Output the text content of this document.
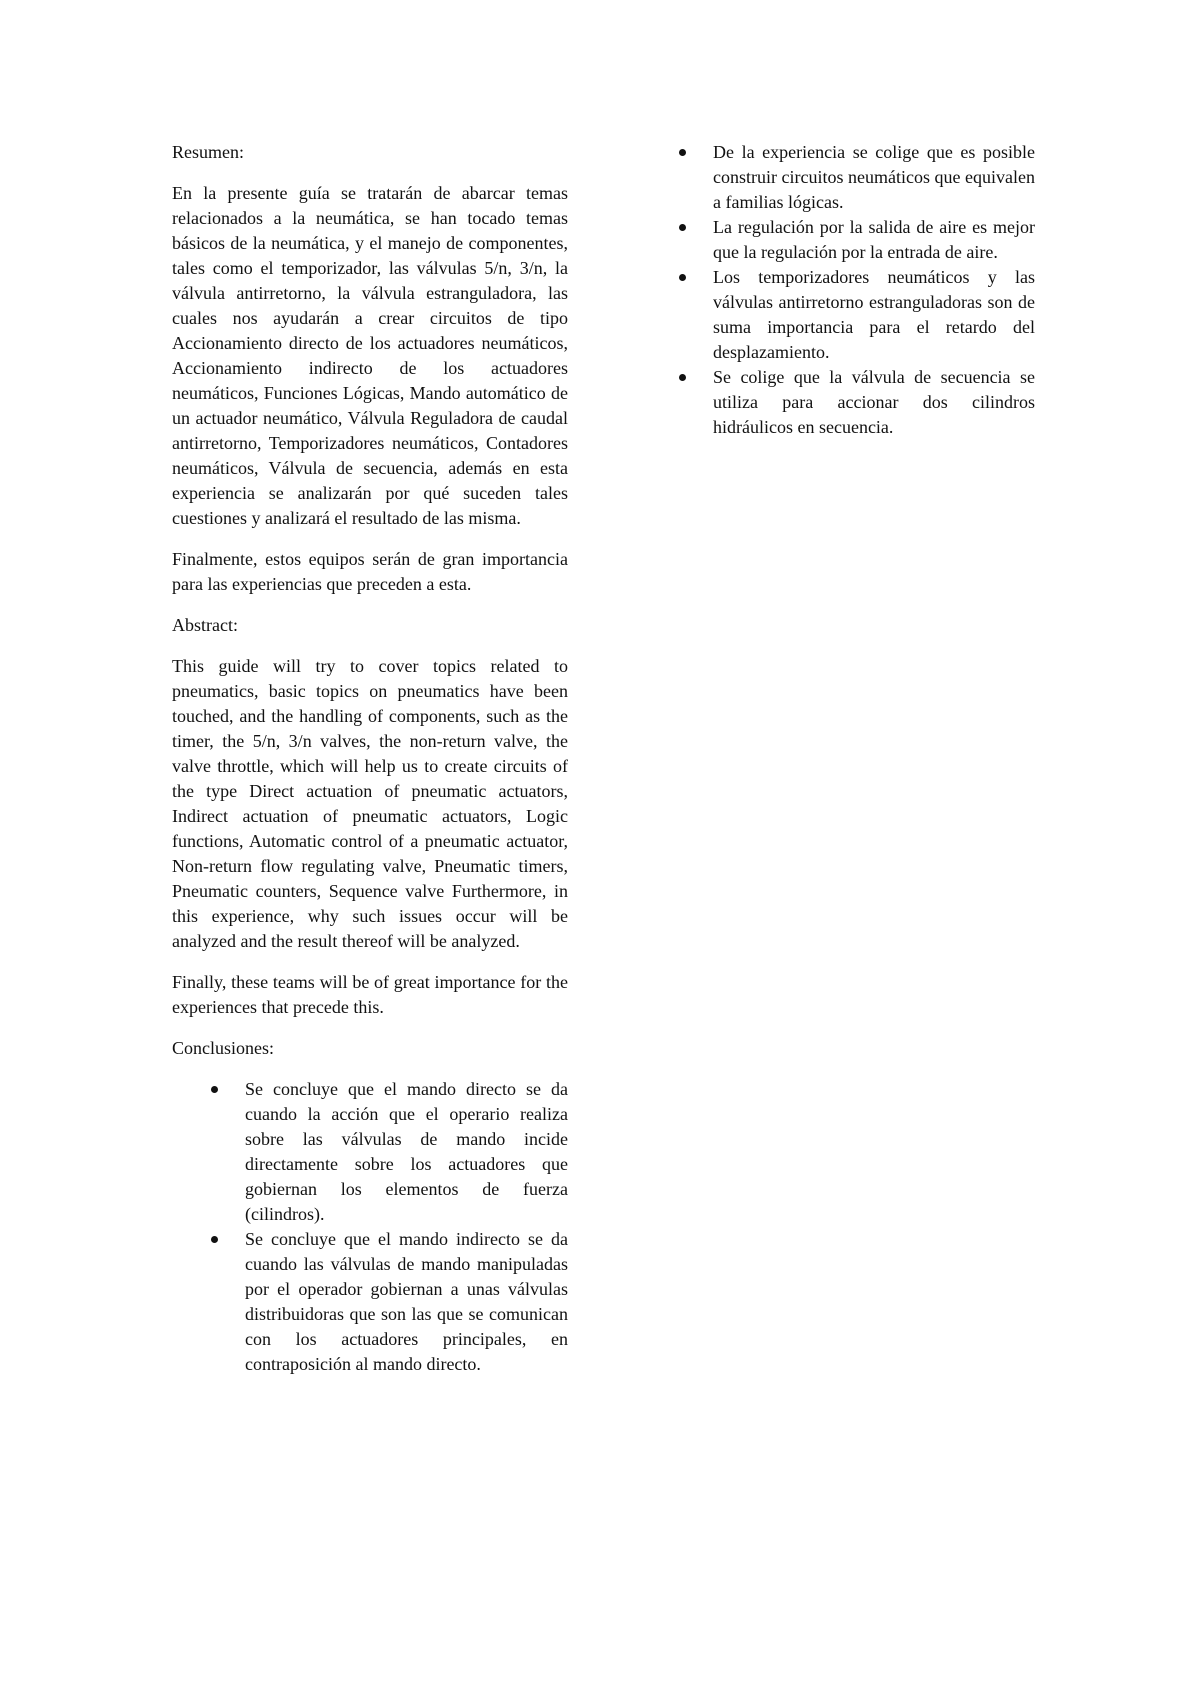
Resumen:

En la presente guía se tratarán de abarcar temas relacionados a la neumática, se han tocado temas básicos de la neumática, y el manejo de componentes, tales como el temporizador, las válvulas 5/n, 3/n, la válvula antirretorno, la válvula estranguladora, las cuales nos ayudarán a crear circuitos de tipo Accionamiento directo de los actuadores neumáticos, Accionamiento indirecto de los actuadores neumáticos, Funciones Lógicas, Mando automático de un actuador neumático, Válvula Reguladora de caudal antirretorno, Temporizadores neumáticos, Contadores neumáticos, Válvula de secuencia, además en esta experiencia se analizarán por qué suceden tales cuestiones y analizará el resultado de las misma.

Finalmente, estos equipos serán de gran importancia para las experiencias que preceden a esta.

Abstract:

This guide will try to cover topics related to pneumatics, basic topics on pneumatics have been touched, and the handling of components, such as the timer, the 5/n, 3/n valves, the non-return valve, the valve throttle, which will help us to create circuits of the type Direct actuation of pneumatic actuators, Indirect actuation of pneumatic actuators, Logic functions, Automatic control of a pneumatic actuator, Non-return flow regulating valve, Pneumatic timers, Pneumatic counters, Sequence valve Furthermore, in this experience, why such issues occur will be analyzed and the result thereof will be analyzed.

Finally, these teams will be of great importance for the experiences that precede this.

Conclusiones:

Se concluye que el mando directo se da cuando la acción que el operario realiza sobre las válvulas de mando incide directamente sobre los actuadores que gobiernan los elementos de fuerza (cilindros).
Se concluye que el mando indirecto se da cuando las válvulas de mando manipuladas por el operador gobiernan a unas válvulas distribuidoras que son las que se comunican con los actuadores principales, en contraposición al mando directo.
De la experiencia se colige que es posible construir circuitos neumáticos que equivalen a familias lógicas.
La regulación por la salida de aire es mejor que la regulación por la entrada de aire.
Los temporizadores neumáticos y las válvulas antirretorno estranguladoras son de suma importancia para el retardo del desplazamiento.
Se colige que la válvula de secuencia se utiliza para accionar dos cilindros hidráulicos en secuencia.
